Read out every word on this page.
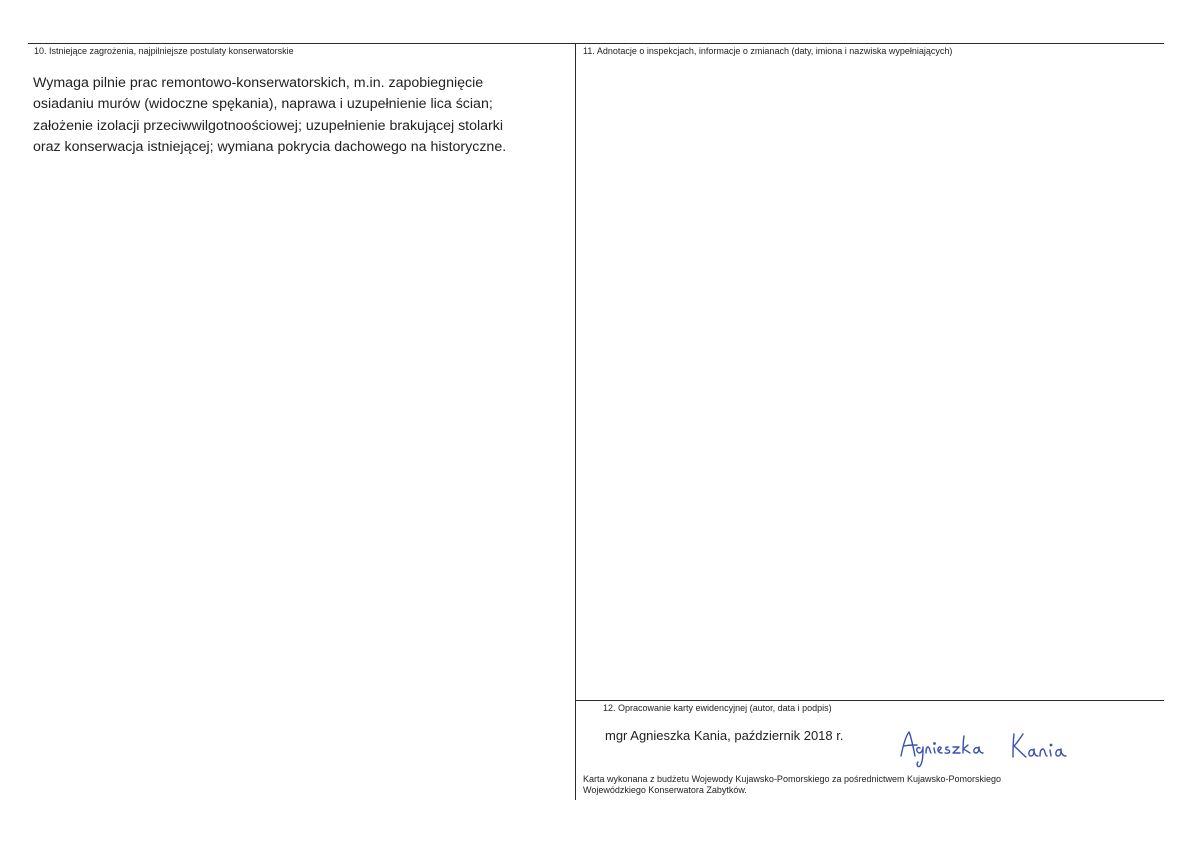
10. Istniejące zagrożenia, najpilniejsze postulaty konserwatorskie
Wymaga pilnie prac remontowo-konserwatorskich, m.in. zapobiegnięcie
osiadaniu murów (widoczne spękania), naprawa i uzupełnienie lica ścian;
założenie izolacji przeciwwilgotnoościowej; uzupełnienie brakującej stolarki
oraz konserwacja istniejącej; wymiana pokrycia dachowego na historyczne.
11. Adnotacje o inspekcjach, informacje o zmianach (daty, imiona i nazwiska wypełniających)
12. Opracowanie karty ewidencyjnej (autor, data i podpis)
mgr Agnieszka Kania, październik 2018 r.
Karta wykonana z budżetu Wojewody Kujawsko-Pomorskiego za pośrednictwem Kujawsko-Pomorskiego
Wojewódzkiego Konserwatora Zabytków.
